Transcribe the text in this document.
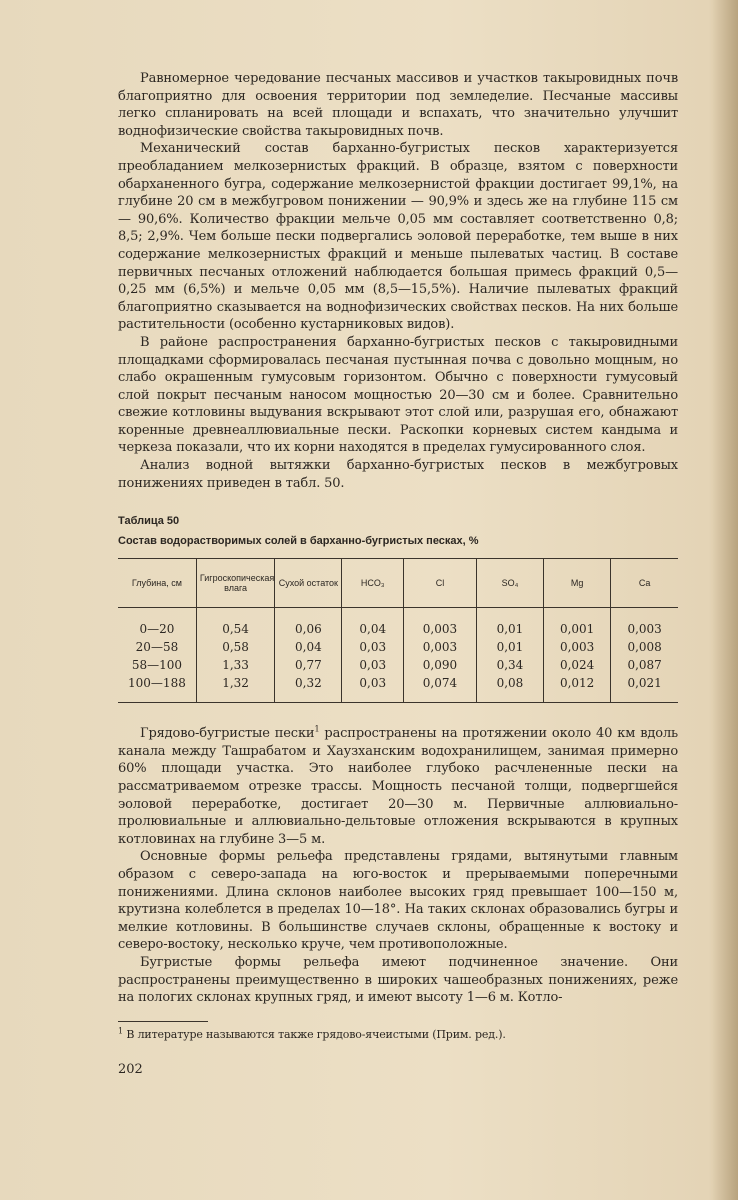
Равномерное чередование песчаных массивов и участков такыровидных почв благоприятно для освоения территории под земледелие. Песчаные массивы легко спланировать на всей площади и вспахать, что значительно улучшит воднофизические свойства такыровидных почв.

Механический состав барханно-бугристых песков характеризуется преобладанием мелкозернистых фракций. В образце, взятом с поверхности обарханенного бугра, содержание мелкозернистой фракции достигает 99,1%, на глубине 20 см в межбугровом понижении — 90,9% и здесь же на глубине 115 см — 90,6%. Количество фракции мельче 0,05 мм составляет соответственно 0,8; 8,5; 2,9%. Чем больше пески подвергались эоловой переработке, тем выше в них содержание мелкозернистых фракций и меньше пылеватых частиц. В составе первичных песчаных отложений наблюдается большая примесь фракций 0,5—0,25 мм (6,5%) и мельче 0,05 мм (8,5—15,5%). Наличие пылеватых фракций благоприятно сказывается на воднофизических свойствах песков. На них больше растительности (особенно кустарниковых видов).

В районе распространения барханно-бугристых песков с такыровидными площадками сформировалась песчаная пустынная почва с довольно мощным, но слабо окрашенным гумусовым горизонтом. Обычно с поверхности гумусовый слой покрыт песчаным наносом мощностью 20—30 см и более. Сравнительно свежие котловины выдувания вскрывают этот слой или, разрушая его, обнажают коренные древнеаллювиальные пески. Раскопки корневых систем кандыма и черкеза показали, что их корни находятся в пределах гумусированного слоя.

Анализ водной вытяжки барханно-бугристых песков в межбугровых понижениях приведен в табл. 50.

Таблица 50
Состав водорастворимых солей в барханно-бугристых песках, %
Глубина, см	Гигроскопическая влага	Сухой остаток	HCO₃	Cl	SO₄	Mg	Ca
0—20	0,54	0,06	0,04	0,003	0,01	0,001	0,003
20—58	0,58	0,04	0,03	0,003	0,01	0,003	0,008
58—100	1,33	0,77	0,03	0,090	0,34	0,024	0,087
100—188	1,32	0,32	0,03	0,074	0,08	0,012	0,021

Грядово-бугристые пески$^1$ распространены на протяжении около 40 км вдоль канала между Ташрабатом и Хаузханским водохранилищем, занимая примерно 60% площади участка. Это наиболее глубоко расчлененные пески на рассматриваемом отрезке трассы. Мощность песчаной толщи, подвергшейся эоловой переработке, достигает 20—30 м. Первичные аллювиально-пролювиальные и аллювиально-дельтовые отложения вскрываются в крупных котловинах на глубине 3—5 м.

Основные формы рельефа представлены грядами, вытянутыми главным образом с северо-запада на юго-восток и прерываемыми поперечными понижениями. Длина склонов наиболее высоких гряд превышает 100—150 м, крутизна колеблется в пределах 10—18°. На таких склонах образовались бугры и мелкие котловины. В большинстве случаев склоны, обращенные к востоку и северо-востоку, несколько круче, чем противоположные.

Бугристые формы рельефа имеют подчиненное значение. Они распространены преимущественно в широких чашеобразных понижениях, реже на пологих склонах крупных гряд, и имеют высоту 1—6 м. Котло-

$^1$ В литературе называются также грядово-ячеистыми (Прим. ред.).

202
